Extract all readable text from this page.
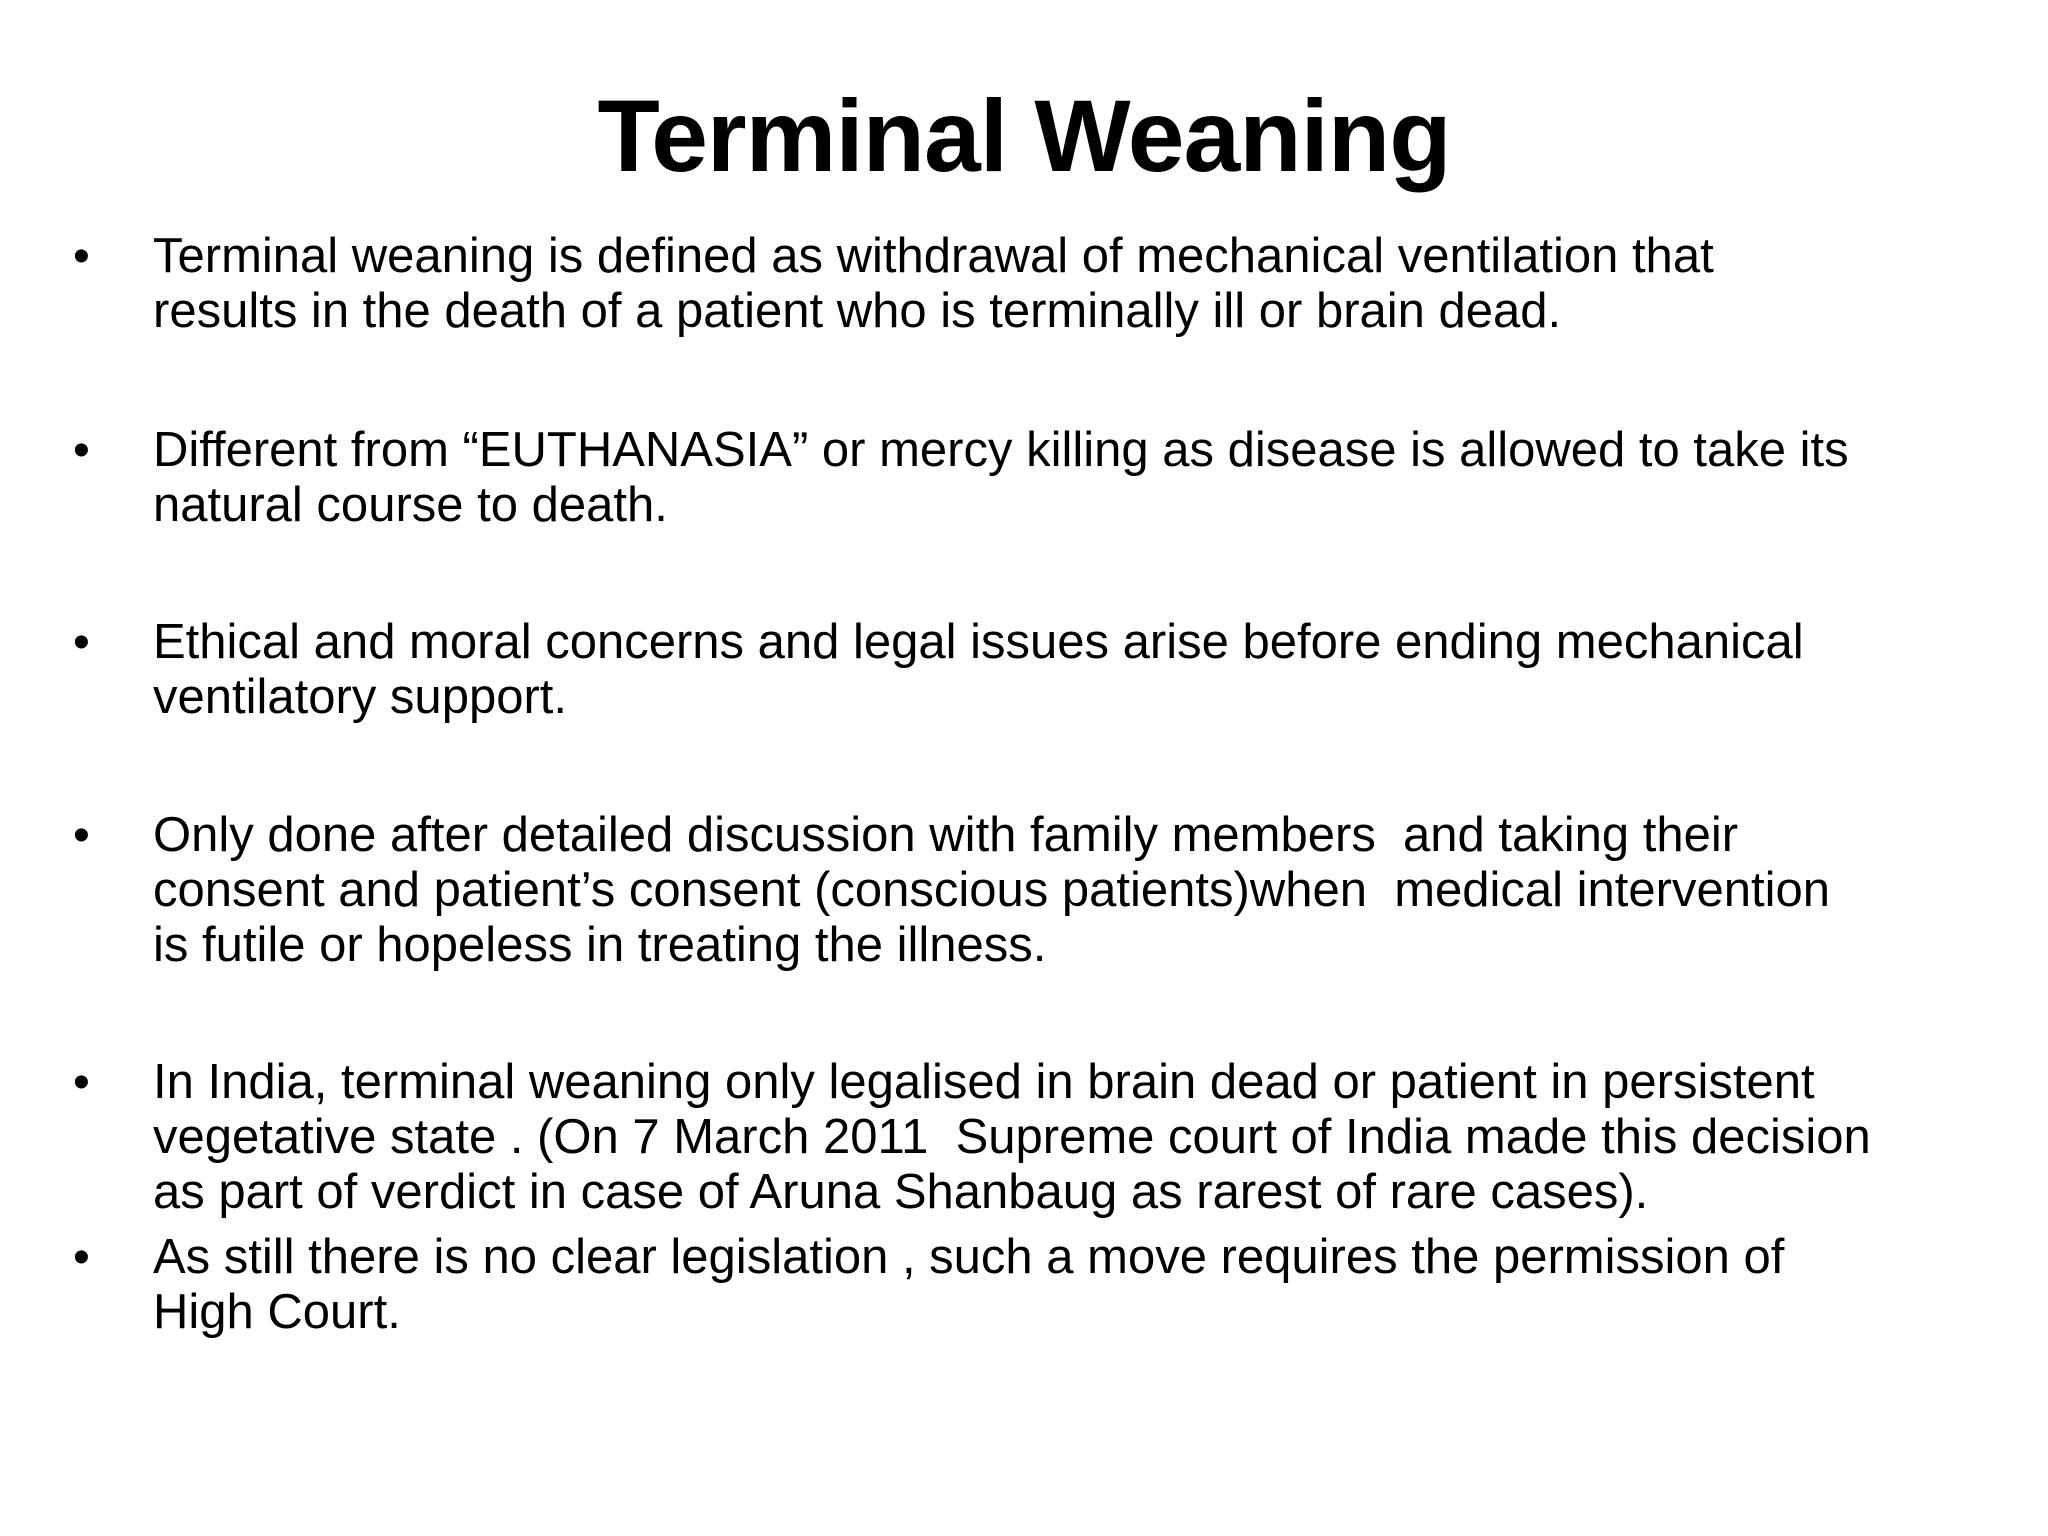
Terminal Weaning
•	Terminal weaning is defined as withdrawal of mechanical ventilation that
results in the death of a patient who is terminally ill or brain dead.
•	Different from “EUTHANASIA” or mercy killing as disease is allowed to take its
natural course to death.
•	Ethical and moral concerns and legal issues arise before ending mechanical
ventilatory support.
•	Only done after detailed discussion with family members  and taking their
consent and patient’s consent (conscious patients)when  medical intervention
is futile or hopeless in treating the illness.
•	In India, terminal weaning only legalised in brain dead or patient in persistent
vegetative state . (On 7 March 2011  Supreme court of India made this decision
as part of verdict in case of Aruna Shanbaug as rarest of rare cases).
•	As still there is no clear legislation , such a move requires the permission of
High Court.
